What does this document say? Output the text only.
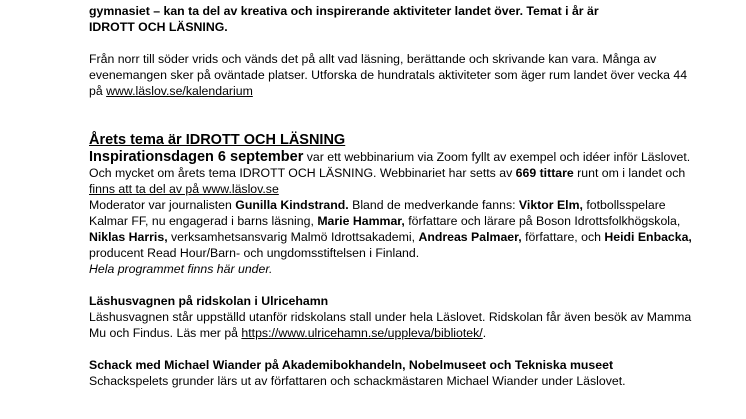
gymnasiet – kan ta del av kreativa och inspirerande aktiviteter landet över. Temat i år är
IDROTT OCH LÄSNING.

Från norr till söder vrids och vänds det på allt vad läsning, berättande och skrivande kan vara. Många av evenemangen sker på oväntade platser. Utforska de hundratals aktiviteter som äger rum landet över vecka 44 på www.läslov.se/kalendarium

Årets tema är IDROTT OCH LÄSNING

Inspirationsdagen 6 september var ett webbinarium via Zoom fyllt av exempel och idéer inför Läslovet. Och mycket om årets tema IDROTT OCH LÄSNING. Webbinariet har setts av 669 tittare runt om i landet och finns att ta del av på www.läslov.se
Moderator var journalisten Gunilla Kindstrand. Bland de medverkande fanns: Viktor Elm, fotbollsspelare Kalmar FF, nu engagerad i barns läsning, Marie Hammar, författare och lärare på Boson Idrottsfolkhögskola, Niklas Harris, verksamhetsansvarig Malmö Idrottsakademi, Andreas Palmaer, författare, och Heidi Enbacka, producent Read Hour/Barn- och ungdomsstiftelsen i Finland.
Hela programmet finns här under.

Läshusvagnen på ridskolan i Ulricehamn
Läshusvagnen står uppställd utanför ridskolans stall under hela Läslovet. Ridskolan får även besök av Mamma Mu och Findus. Läs mer på https://www.ulricehamn.se/uppleva/bibliotek/.

Schack med Michael Wiander på Akademibokhandeln, Nobelmuseet och Tekniska museet
Schackspelets grunder lärs ut av författaren och schackmästaren Michael Wiander under Läslovet.
